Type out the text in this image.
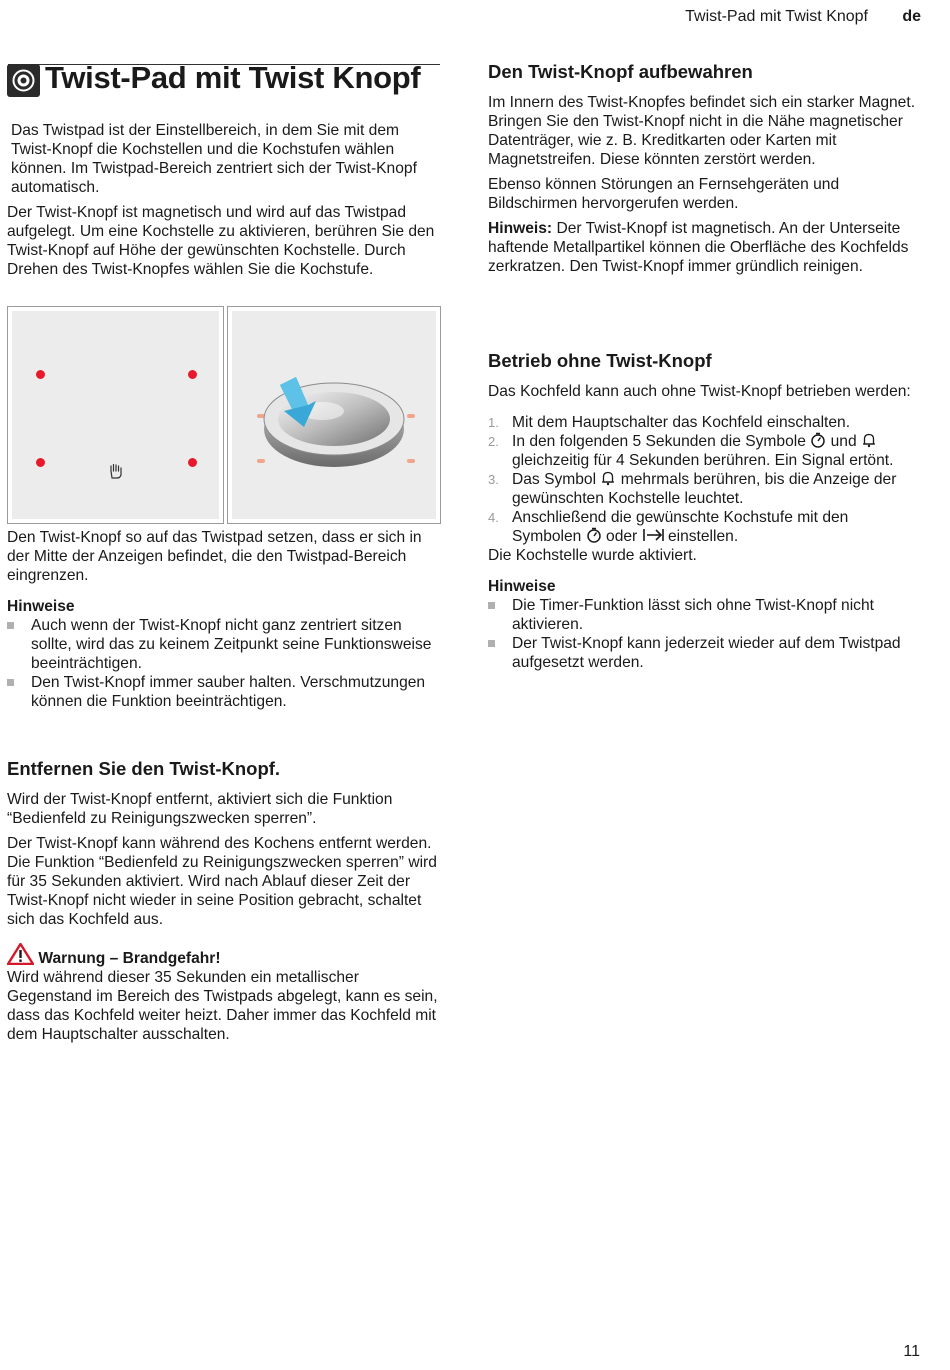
Twist-Pad mit Twist Knopf de
Twist-Pad mit Twist Knopf

Das Twistpad ist der Einstellbereich, in dem Sie mit dem Twist-Knopf die Kochstellen und die Kochstufen wählen können. Im Twistpad-Bereich zentriert sich der Twist-Knopf automatisch.

Der Twist-Knopf ist magnetisch und wird auf das Twistpad aufgelegt. Um eine Kochstelle zu aktivieren, berühren Sie den Twist-Knopf auf Höhe der gewünschten Kochstelle. Durch Drehen des Twist-Knopfes wählen Sie die Kochstufe.

Den Twist-Knopf so auf das Twistpad setzen, dass er sich in der Mitte der Anzeigen befindet, die den Twistpad-Bereich eingrenzen.

Hinweise
Auch wenn der Twist-Knopf nicht ganz zentriert sitzen sollte, wird das zu keinem Zeitpunkt seine Funktionsweise beeinträchtigen.
Den Twist-Knopf immer sauber halten. Verschmutzungen können die Funktion beeinträchtigen.
Entfernen Sie den Twist-Knopf.

Wird der Twist-Knopf entfernt, aktiviert sich die Funktion “Bedienfeld zu Reinigungszwecken sperren”.

Der Twist-Knopf kann während des Kochens entfernt werden. Die Funktion “Bedienfeld zu Reinigungszwecken sperren” wird für 35 Sekunden aktiviert. Wird nach Ablauf dieser Zeit der Twist-Knopf nicht wieder in seine Position gebracht, schaltet sich das Kochfeld aus.

Warnung – Brandgefahr!

Wird während dieser 35 Sekunden ein metallischer Gegenstand im Bereich des Twistpads abgelegt, kann es sein, dass das Kochfeld weiter heizt. Daher immer das Kochfeld mit dem Hauptschalter ausschalten.

Den Twist-Knopf aufbewahren

Im Innern des Twist-Knopfes befindet sich ein starker Magnet. Bringen Sie den Twist-Knopf nicht in die Nähe magnetischer Datenträger, wie z. B. Kreditkarten oder Karten mit Magnetstreifen. Diese könnten zerstört werden.

Ebenso können Störungen an Fernsehgeräten und Bildschirmen hervorgerufen werden.

Hinweis: Der Twist-Knopf ist magnetisch. An der Unterseite haftende Metallpartikel können die Oberfläche des Kochfelds zerkratzen. Den Twist-Knopf immer gründlich reinigen.

Betrieb ohne Twist-Knopf

Das Kochfeld kann auch ohne Twist-Knopf betrieben werden:

1. Mit dem Hauptschalter das Kochfeld einschalten.
2. In den folgenden 5 Sekunden die Symbole und  gleichzeitig für 4 Sekunden berühren. Ein Signal ertönt.
3. Das Symbol mehrmals berühren, bis die Anzeige der gewünschten Kochstelle leuchtet.
4. Anschließend die gewünschte Kochstufe mit den Symbolen oder einstellen.

Die Kochstelle wurde aktiviert.

Hinweise
Die Timer-Funktion lässt sich ohne Twist-Knopf nicht aktivieren.
Der Twist-Knopf kann jederzeit wieder auf dem Twistpad aufgesetzt werden.
11
